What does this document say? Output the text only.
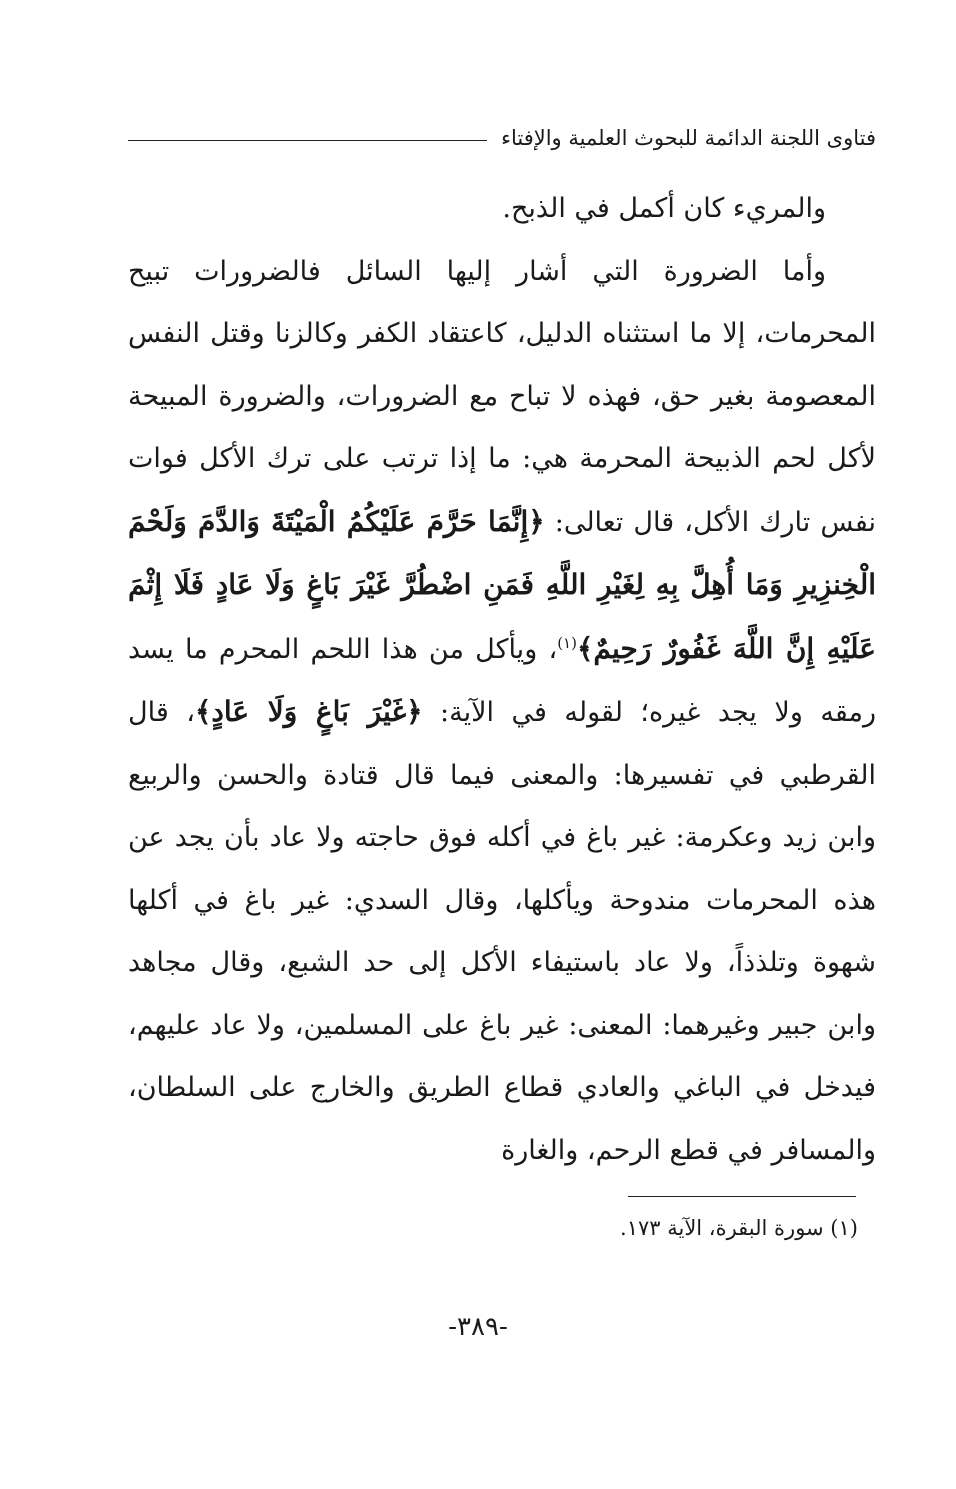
فتاوى اللجنة الدائمة للبحوث العلمية والإفتاء

والمريء كان أكمل في الذبح.

وأما الضرورة التي أشار إليها السائل فالضرورات تبيح المحرمات، إلا ما استثناه الدليل، كاعتقاد الكفر وكالزنا وقتل النفس المعصومة بغير حق، فهذه لا تباح مع الضرورات، والضرورة المبيحة لأكل لحم الذبيحة المحرمة هي: ما إذا ترتب على ترك الأكل فوات نفس تارك الأكل، قال تعالى: ﴿إِنَّمَا حَرَّمَ عَلَيْكُمُ الْمَيْتَةَ وَالدَّمَ وَلَحْمَ الْخِنزِيرِ وَمَا أُهِلَّ بِهِ لِغَيْرِ اللَّهِ فَمَنِ اضْطُرَّ غَيْرَ بَاغٍ وَلَا عَادٍ فَلَا إِثْمَ عَلَيْهِ إِنَّ اللَّهَ غَفُورٌ رَحِيمٌ﴾$^{(١)}$، ويأكل من هذا اللحم المحرم ما يسد رمقه ولا يجد غيره؛ لقوله في الآية: ﴿غَيْرَ بَاغٍ وَلَا عَادٍ﴾، قال القرطبي في تفسيرها: والمعنى فيما قال قتادة والحسن والربيع وابن زيد وعكرمة: غير باغ في أكله فوق حاجته ولا عاد بأن يجد عن هذه المحرمات مندوحة ويأكلها، وقال السدي: غير باغ في أكلها شهوة وتلذذاً، ولا عاد باستيفاء الأكل إلى حد الشبع، وقال مجاهد وابن جبير وغيرهما: المعنى: غير باغ على المسلمين، ولا عاد عليهم، فيدخل في الباغي والعادي قطاع الطريق والخارج على السلطان، والمسافر في قطع الرحم، والغارة

(١) سورة البقرة، الآية ١٧٣.
-٣٨٩-
